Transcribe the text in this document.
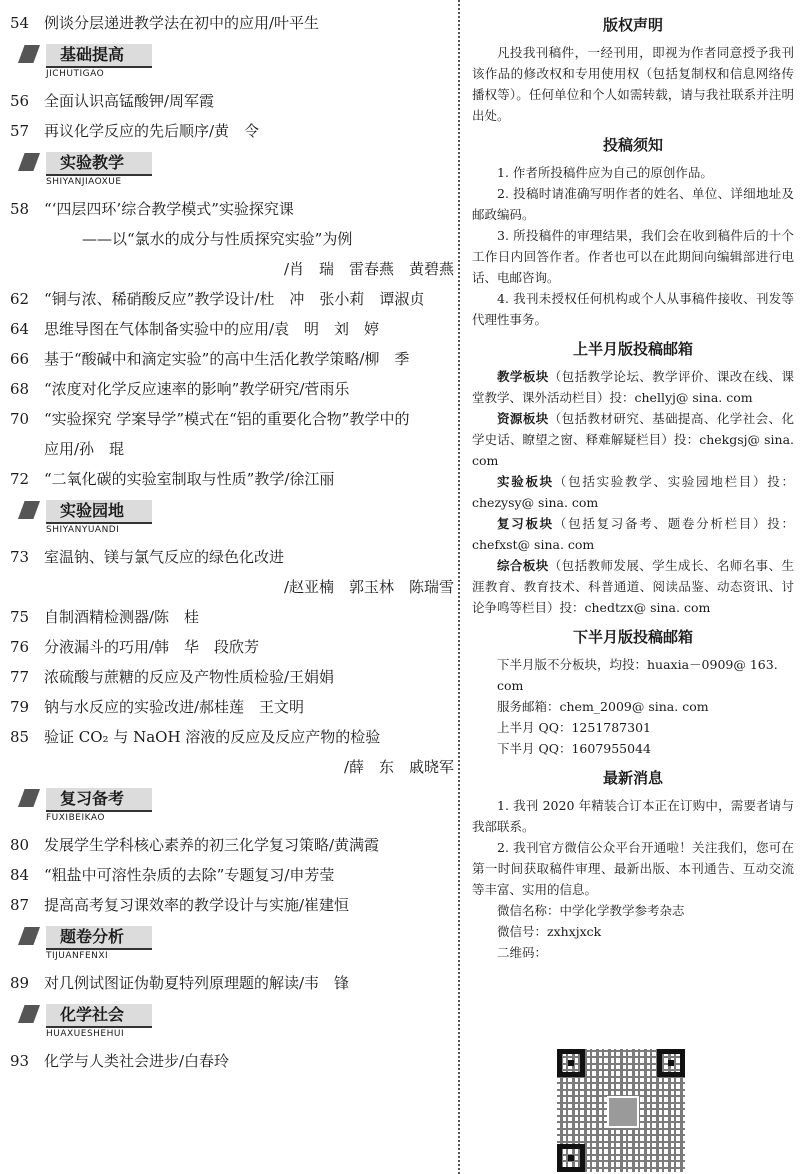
54 例谈分层递进教学法在初中的应用/叶平生
基础提高
JICHUTIGAO
56 全面认识高锰酸钾/周军霞
57 再议化学反应的先后顺序/黄　令
实验教学
SHIYANJIAOXUE
58 “‘四层四环’综合教学模式”实验探究课
——以“氯水的成分与性质探究实验”为例
/肖　瑞　雷春燕　黄碧燕
62 “铜与浓、稀硝酸反应”教学设计/杜　冲　张小莉　谭淑贞
64 思维导图在气体制备实验中的应用/袁　明　刘　婷
66 基于“酸碱中和滴定实验”的高中生活化教学策略/柳　季
68 “浓度对化学反应速率的影响”教学研究/菅雨乐
70 “实验探究 学案导学”模式在“铝的重要化合物”教学中的
应用/孙　琨
72 “二氧化碳的实验室制取与性质”教学/徐江丽
实验园地
SHIYANYUANDI
73 室温钠、镁与氯气反应的绿色化改进
/赵亚楠　郭玉林　陈瑞雪
75 自制酒精检测器/陈　桂
76 分液漏斗的巧用/韩　华　段欣芳
77 浓硫酸与蔗糖的反应及产物性质检验/王娟娟
79 钠与水反应的实验改进/郝桂莲　王文明
85 验证 CO₂ 与 NaOH 溶液的反应及反应产物的检验
/薛　东　戚晓军
复习备考
FUXIBEIKAO
80 发展学生学科核心素养的初三化学复习策略/黄满霞
84 “粗盐中可溶性杂质的去除”专题复习/申芳莹
87 提高高考复习课效率的教学设计与实施/崔建恒
题卷分析
TIJUANFENXI
89 对几例试图证伪勒夏特列原理题的解读/韦　锋
化学社会
HUAXUESHEHUI
93 化学与人类社会进步/白春玲
版权声明

凡投我刊稿件，一经刊用，即视为作者同意授予我刊该作品的修改权和专用使用权（包括复制权和信息网络传播权等）。任何单位和个人如需转载，请与我社联系并注明出处。

投稿须知

1. 作者所投稿件应为自己的原创作品。

2. 投稿时请准确写明作者的姓名、单位、详细地址及邮政编码。

3. 所投稿件的审理结果，我们会在收到稿件后的十个工作日内回答作者。作者也可以在此期间向编辑部进行电话、电邮咨询。

4. 我刊未授权任何机构或个人从事稿件接收、刊发等代理性事务。

上半月版投稿邮箱

教学板块（包括教学论坛、教学评价、课改在线、课堂教学、课外活动栏目）投：chellyj@ sina. com

资源板块（包括教材研究、基础提高、化学社会、化学史话、瞭望之窗、释难解疑栏目）投：chekgsj@ sina. com

实验板块（包括实验教学、实验园地栏目）投：chezysy@ sina. com

复习板块（包括复习备考、题卷分析栏目）投：chefxst@ sina. com

综合板块（包括教师发展、学生成长、名师名事、生涯教育、教育技术、科普通道、阅读品鉴、动态资讯、讨论争鸣等栏目）投：chedtzx@ sina. com

下半月版投稿邮箱

下半月版不分板块，均投：huaxia－0909@ 163. com

服务邮箱：chem_2009@ sina. com

上半月 QQ：1251787301

下半月 QQ：1607955044

最新消息

1. 我刊 2020 年精装合订本正在订购中，需要者请与我部联系。

2. 我刊官方微信公众平台开通啦！关注我们，您可在第一时间获取稿件审理、最新出版、本刊通告、互动交流等丰富、实用的信息。

微信名称：中学化学教学参考杂志

微信号：zxhxjxck

二维码：
